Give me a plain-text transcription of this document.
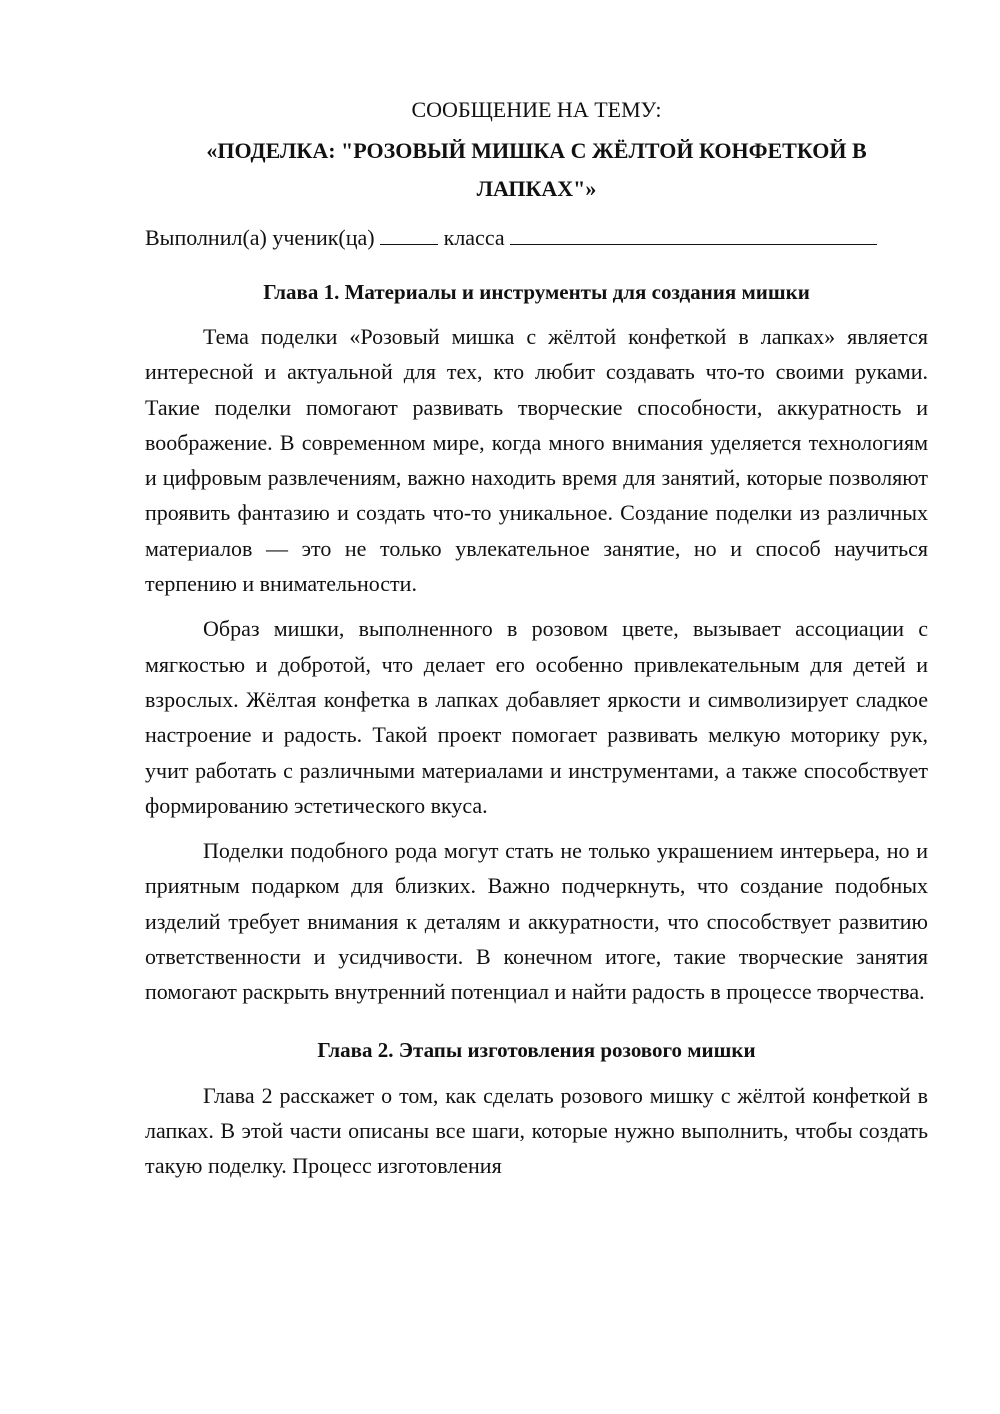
СООБЩЕНИЕ НА ТЕМУ:
«ПОДЕЛКА: "РОЗОВЫЙ МИШКА С ЖЁЛТОЙ КОНФЕТКОЙ В ЛАПКАХ"»

Выполнил(а) ученик(ца)	класса

Глава 1. Материалы и инструменты для создания мишки

Тема поделки «Розовый мишка с жёлтой конфеткой в лапках» является интересной и актуальной для тех, кто любит создавать что-то своими руками. Такие поделки помогают развивать творческие способности, аккуратность и воображение. В современном мире, когда много внимания уделяется технологиям и цифровым развлечениям, важно находить время для занятий, которые позволяют проявить фантазию и создать что-то уникальное. Создание поделки из различных материалов — это не только увлекательное занятие, но и способ научиться терпению и внимательности.

Образ мишки, выполненного в розовом цвете, вызывает ассоциации с мягкостью и добротой, что делает его особенно привлекательным для детей и взрослых. Жёлтая конфетка в лапках добавляет яркости и символизирует сладкое настроение и радость. Такой проект помогает развивать мелкую моторику рук, учит работать с различными материалами и инструментами, а также способствует формированию эстетического вкуса.

Поделки подобного рода могут стать не только украшением интерьера, но и приятным подарком для близких. Важно подчеркнуть, что создание подобных изделий требует внимания к деталям и аккуратности, что способствует развитию ответственности и усидчивости. В конечном итоге, такие творческие занятия помогают раскрыть внутренний потенциал и найти радость в процессе творчества.

Глава 2. Этапы изготовления розового мишки

Глава 2 расскажет о том, как сделать розового мишку с жёлтой конфеткой в лапках. В этой части описаны все шаги, которые нужно выполнить, чтобы создать такую поделку. Процесс изготовления
